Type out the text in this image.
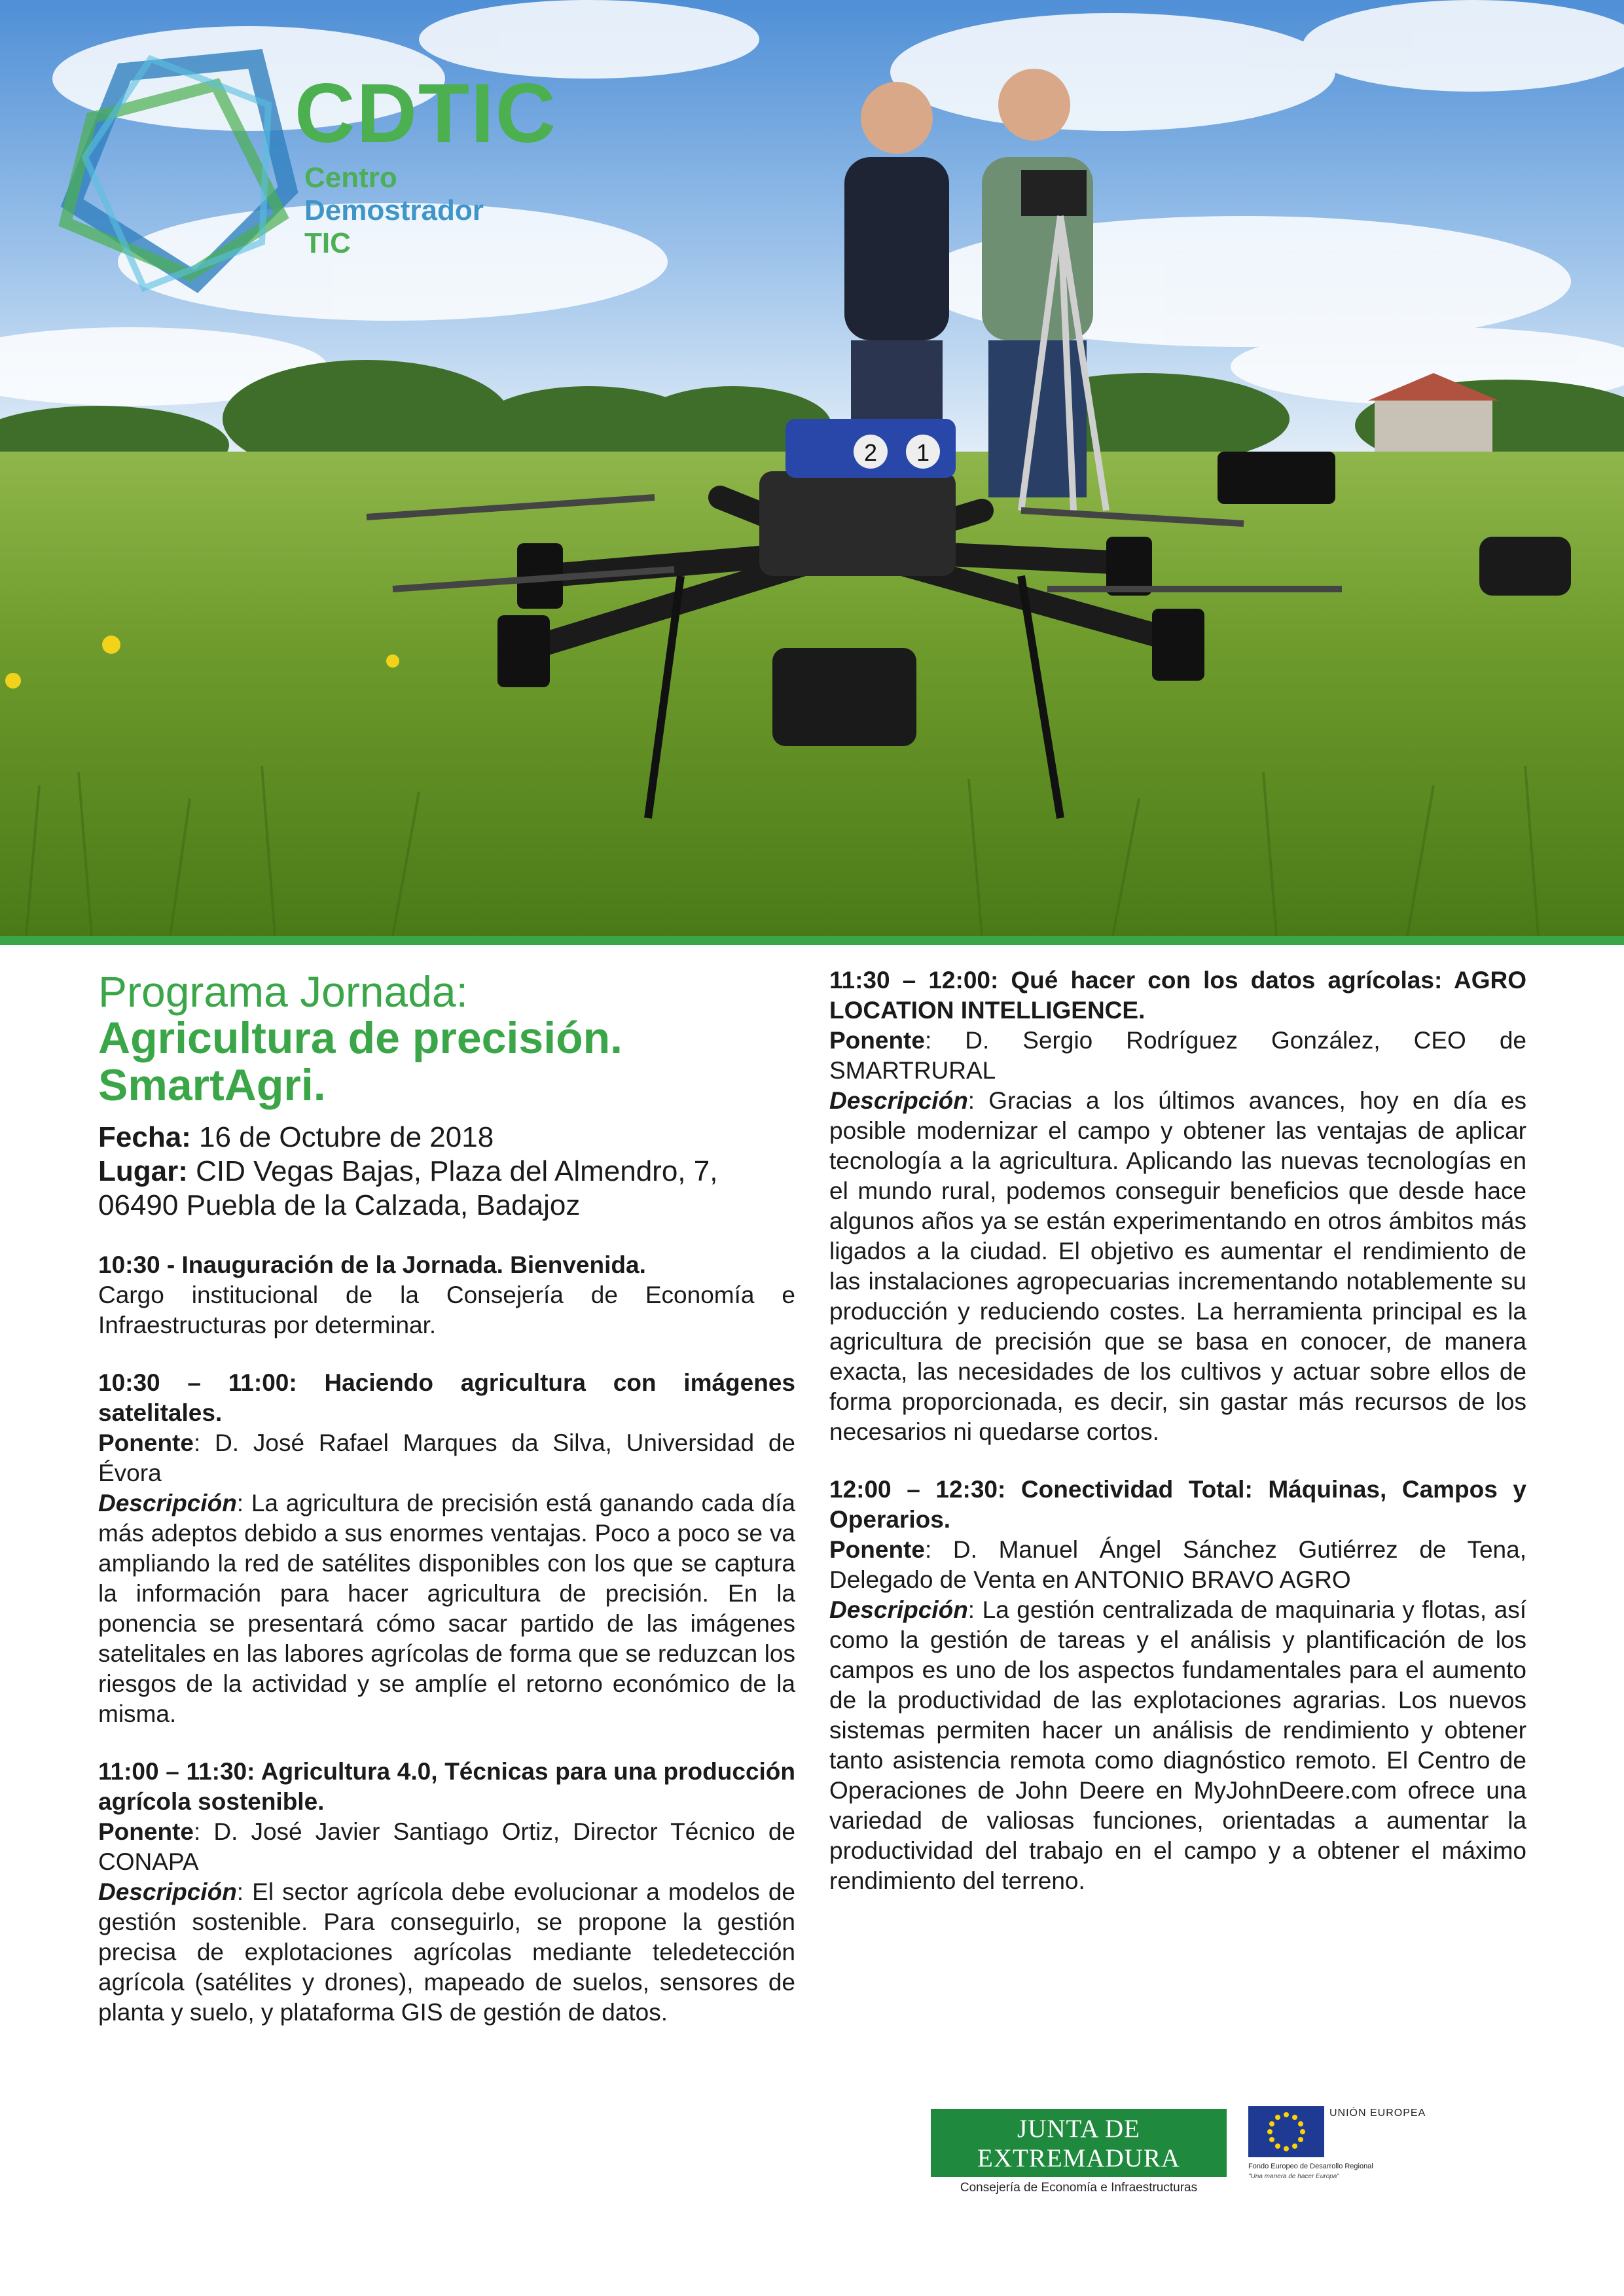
2 1
CDTIC
Centro
Demostrador
TIC
Programa Jornada:
Agricultura de precisión.
SmartAgri.

Fecha: 16 de Octubre de 2018

Lugar: CID Vegas Bajas, Plaza del Almendro, 7, 06490 Puebla de la Calzada, Badajoz

10:30 - Inauguración de la Jornada. Bienvenida.

Cargo institucional de la Consejería de Economía e Infraestructuras por determinar.

10:30 – 11:00: Haciendo agricultura con imágenes satelitales.

Ponente: D. José Rafael Marques da Silva, Universidad de Évora

Descripción: La agricultura de precisión está ganando cada día más adeptos debido a sus enormes ventajas. Poco a poco se va ampliando la red de satélites disponibles con los que se captura la información para hacer agricultura de precisión. En la ponencia se presentará cómo sacar partido de las imágenes satelitales en las labores agrícolas de forma que se reduzcan los riesgos de la actividad y se amplíe el retorno económico de la misma.

11:00 – 11:30: Agricultura 4.0, Técnicas para una producción agrícola sostenible.

Ponente: D. José Javier Santiago Ortiz, Director Técnico de CONAPA

Descripción: El sector agrícola debe evolucionar a modelos de gestión sostenible. Para conseguirlo, se propone la gestión precisa de explotaciones agrícolas mediante teledetección agrícola (satélites y drones), mapeado de suelos, sensores de planta y suelo, y plataforma GIS de gestión de datos.

11:30 – 12:00: Qué hacer con los datos agrícolas: AGRO LOCATION INTELLIGENCE.

Ponente: D. Sergio Rodríguez González, CEO de SMARTRURAL

Descripción: Gracias a los últimos avances, hoy en día es posible modernizar el campo y obtener las ventajas de aplicar tecnología a la agricultura. Aplicando las nuevas tecnologías en el mundo rural, podemos conseguir beneficios que desde hace algunos años ya se están experimentando en otros ámbitos más ligados a la ciudad. El objetivo es aumentar el rendimiento de las instalaciones agropecuarias incrementando notablemente su producción y reduciendo costes. La herramienta principal es la agricultura de precisión que se basa en conocer, de manera exacta, las necesidades de los cultivos y actuar sobre ellos de forma proporcionada, es decir, sin gastar más recursos de los necesarios ni quedarse cortos.

12:00 – 12:30: Conectividad Total: Máquinas, Campos y Operarios.

Ponente: D. Manuel Ángel Sánchez Gutiérrez de Tena, Delegado de Venta en ANTONIO BRAVO AGRO

Descripción: La gestión centralizada de maquinaria y flotas, así como la gestión de tareas y el análisis y plantificación de los campos es uno de los aspectos fundamentales para el aumento de la productividad de las explotaciones agrarias. Los nuevos sistemas permiten hacer un análisis de rendimiento y obtener tanto asistencia remota como diagnóstico remoto. El Centro de Operaciones de John Deere en MyJohnDeere.com ofrece una variedad de valiosas funciones, orientadas a aumentar la productividad del trabajo en el campo y a obtener el máximo rendimiento del terreno.

JUNTA DE EXTREMADURA
Consejería de Economía e Infraestructuras
UNIÓN EUROPEA
Fondo Europeo de Desarrollo Regional
"Una manera de hacer Europa"
